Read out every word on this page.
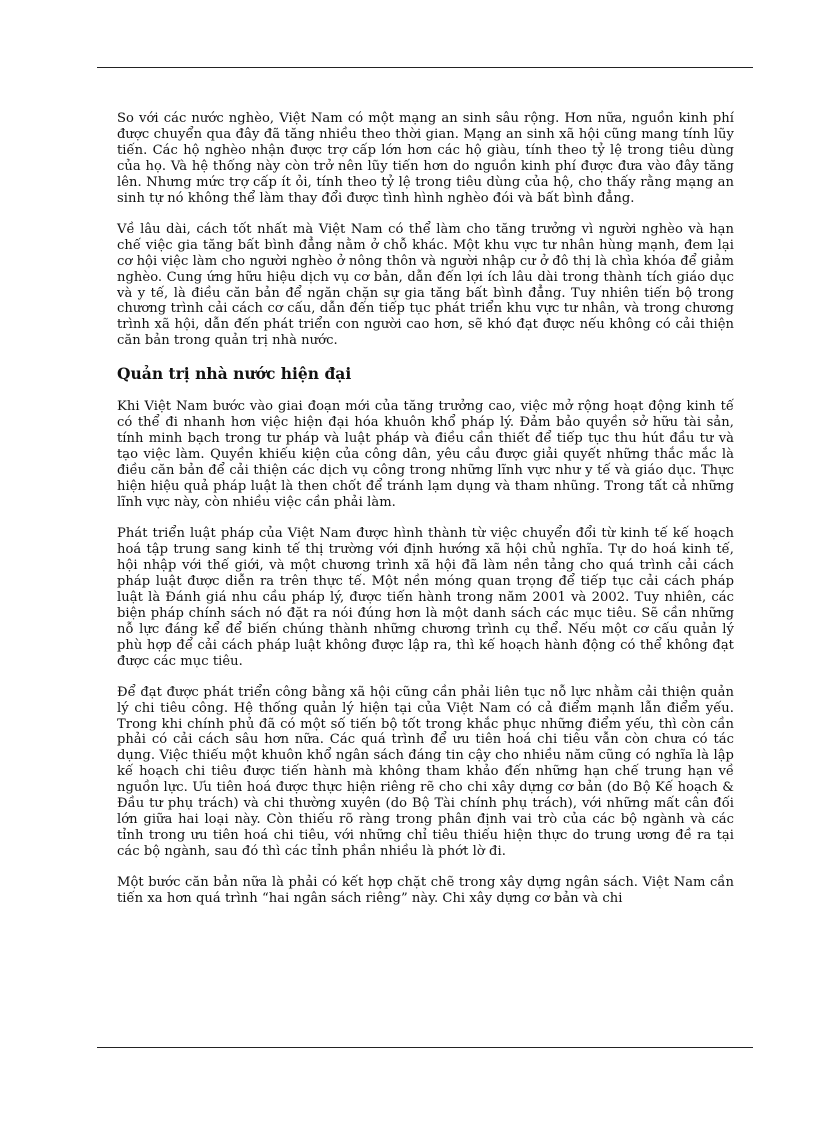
So với các nước nghèo, Việt Nam có một mạng an sinh sâu rộng. Hơn nữa, nguồn kinh phí được chuyển qua đây đã tăng nhiều theo thời gian. Mạng an sinh xã hội cũng mang tính lũy tiến. Các hộ nghèo nhận được trợ cấp lớn hơn các hộ giàu, tính theo tỷ lệ trong tiêu dùng của họ. Và hệ thống này còn trở nên lũy tiến hơn do nguồn kinh phí được đưa vào đây tăng lên. Nhưng mức trợ cấp ít ỏi, tính theo tỷ lệ trong tiêu dùng của hộ, cho thấy rằng mạng an sinh tự nó không thể làm thay đổi được tình hình nghèo đói và bất bình đẳng.

Về lâu dài, cách tốt nhất mà Việt Nam có thể làm cho tăng trưởng vì người nghèo và hạn chế việc gia tăng bất bình đẳng nằm ở chỗ khác. Một khu vực tư nhân hùng mạnh, đem lại cơ hội việc làm cho người nghèo ở nông thôn và người nhập cư ở đô thị là chìa khóa để giảm nghèo. Cung ứng hữu hiệu dịch vụ cơ bản, dẫn đến lợi ích lâu dài trong thành tích giáo dục và y tế, là điều căn bản để ngăn chặn sự gia tăng bất bình đẳng. Tuy nhiên tiến bộ trong chương trình cải cách cơ cấu, dẫn đến tiếp tục phát triển khu vực tư nhân, và trong chương trình xã hội, dẫn đến phát triển con người cao hơn, sẽ khó đạt được nếu không có cải thiện căn bản trong quản trị nhà nước.

Quản trị nhà nước hiện đại

Khi Việt Nam bước vào giai đoạn mới của tăng trưởng cao, việc mở rộng hoạt động kinh tế có thể đi nhanh hơn việc hiện đại hóa khuôn khổ pháp lý. Đảm bảo quyền sở hữu tài sản, tính minh bạch trong tư pháp và luật pháp và điều cần thiết để tiếp tục thu hút đầu tư và tạo việc làm. Quyền khiếu kiện của công dân, yêu cầu được giải quyết những thắc mắc là điều căn bản để cải thiện các dịch vụ công trong những lĩnh vực như y tế và giáo dục. Thực hiện hiệu quả pháp luật là then chốt để tránh lạm dụng và tham nhũng. Trong tất cả những lĩnh vực này, còn nhiều việc cần phải làm.

Phát triển luật pháp của Việt Nam được hình thành từ việc chuyển đổi từ kinh tế kế hoạch hoá tập trung sang kinh tế thị trường với định hướng xã hội chủ nghĩa. Tự do hoá kinh tế, hội nhập với thế giới, và một chương trình xã hội đã làm nền tảng cho quá trình cải cách pháp luật được diễn ra trên thực tế. Một nền móng quan trọng để tiếp tục cải cách pháp luật là Đánh giá nhu cầu pháp lý, được tiến hành trong năm 2001 và 2002. Tuy nhiên, các biện pháp chính sách nó đặt ra nói đúng hơn là một danh sách các mục tiêu. Sẽ cần những nỗ lực đáng kể để biến chúng thành những chương trình cụ thể. Nếu một cơ cấu quản lý phù hợp để cải cách pháp luật không được lập ra, thì kế hoạch hành động có thể không đạt được các mục tiêu.

Để đạt được phát triển công bằng xã hội cũng cần phải liên tục nỗ lực nhằm cải thiện quản lý chi tiêu công. Hệ thống quản lý hiện tại của Việt Nam có cả điểm mạnh lẫn điểm yếu. Trong khi chính phủ đã có một số tiến bộ tốt trong khắc phục những điểm yếu, thì còn cần phải có cải cách sâu hơn nữa. Các quá trình để ưu tiên hoá chi tiêu vẫn còn chưa có tác dụng. Việc thiếu một khuôn khổ ngân sách đáng tin cậy cho nhiều năm cũng có nghĩa là lập kế hoạch chi tiêu được tiến hành mà không tham khảo đến những hạn chế trung hạn về nguồn lực. Ưu tiên hoá được thực hiện riêng rẽ cho chi xây dựng cơ bản (do Bộ Kế hoạch & Đầu tư phụ trách) và chi thường xuyên (do Bộ Tài chính phụ trách), với những mất cân đối lớn giữa hai loại này. Còn thiếu rõ ràng trong phân định vai trò của các bộ ngành và các tỉnh trong ưu tiên hoá chi tiêu, với những chỉ tiêu thiếu hiện thực do trung ương đề ra tại các bộ ngành, sau đó thì các tỉnh phần nhiều là phớt lờ đi.

Một bước căn bản nữa là phải có kết hợp chặt chẽ trong xây dựng ngân sách. Việt Nam cần tiến xa hơn quá trình “hai ngân sách riêng” này. Chi xây dựng cơ bản và chi
